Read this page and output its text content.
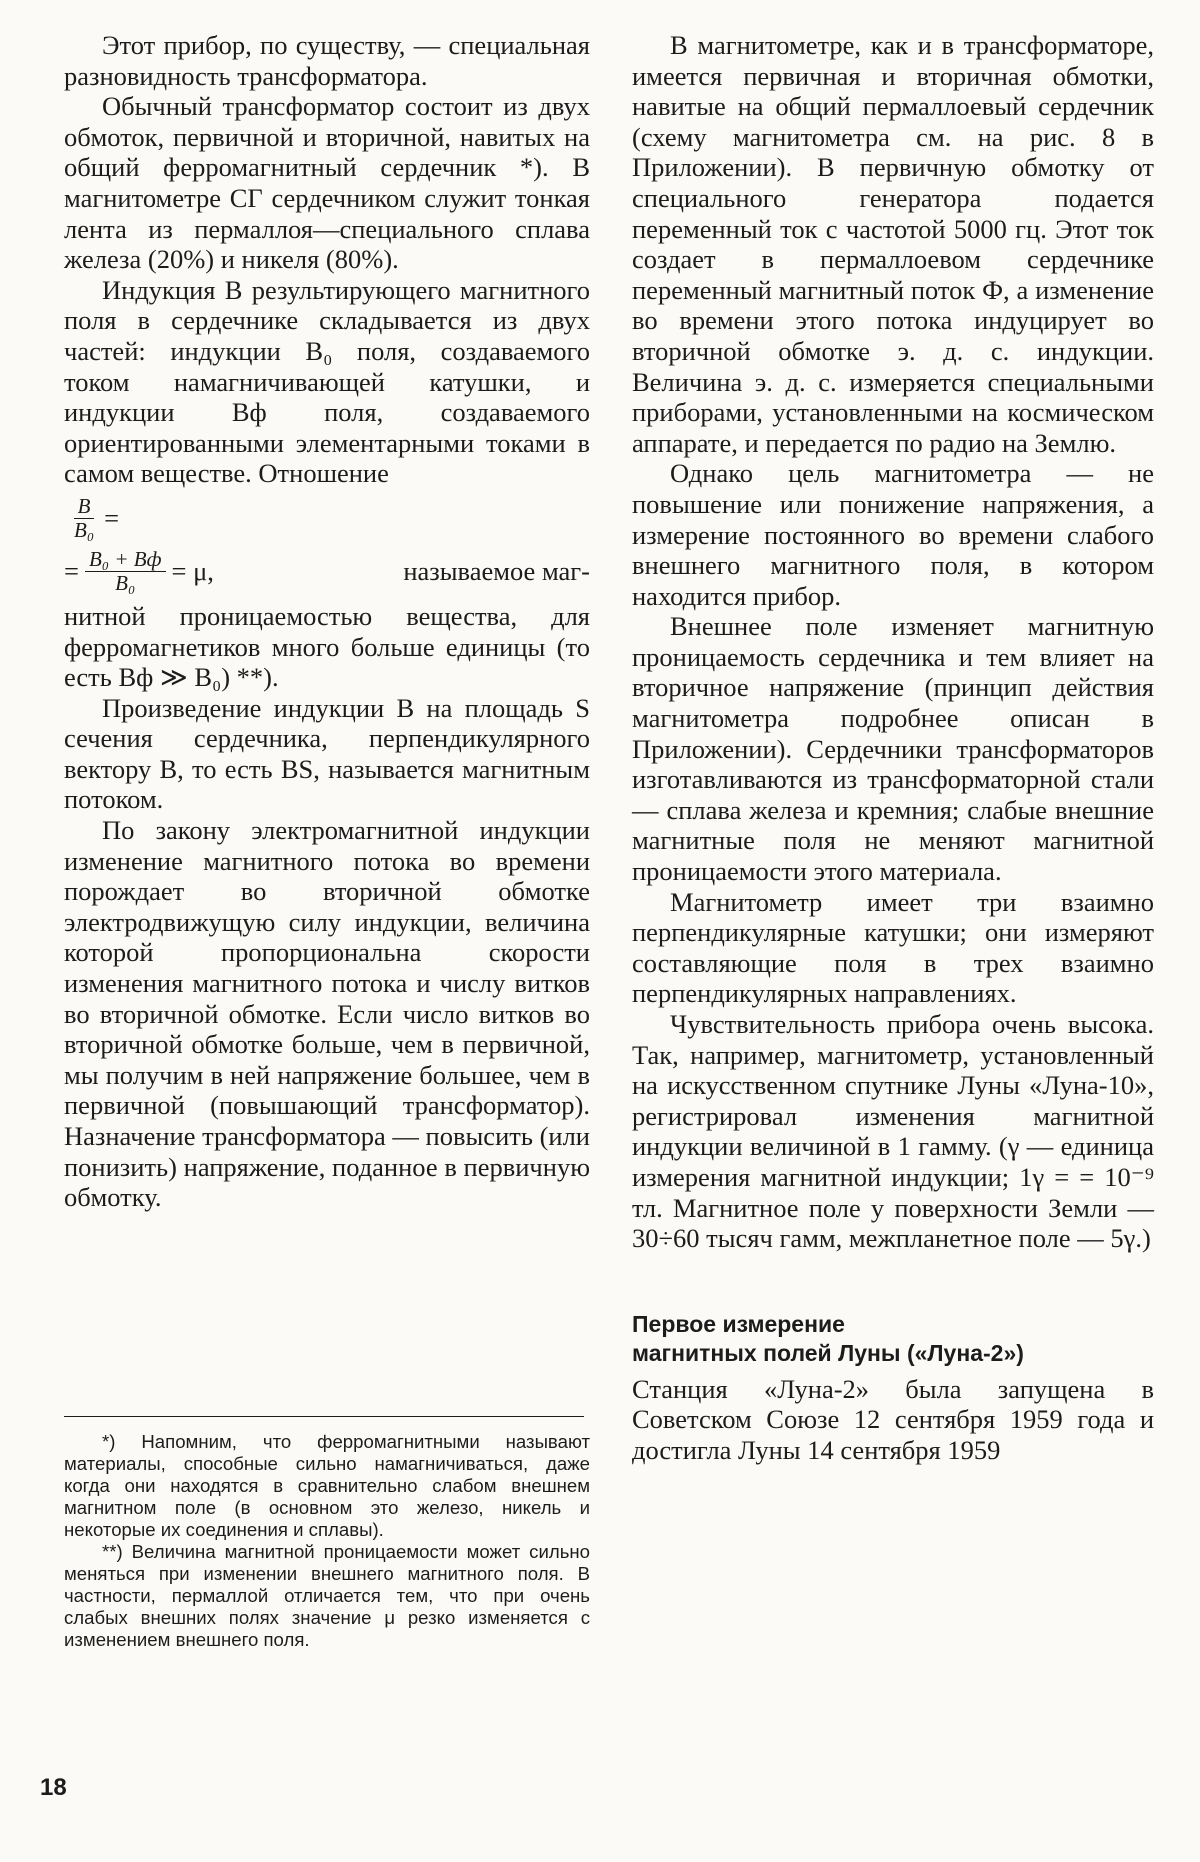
Этот прибор, по существу, — специальная разновидность трансформатора.

Обычный трансформатор состоит из двух обмоток, первичной и вторичной, навитых на общий ферромагнитный сердечник *). В магнитометре СГ сердечником служит тонкая лента из пермаллоя—специального сплава железа (20%) и никеля (80%).

Индукция B результирующего магнитного поля в сердечнике складывается из двух частей: индукции B₀ поля, создаваемого током намагничивающей катушки, и индукции Bф поля, создаваемого ориентированными элементарными токами в самом веществе. Отношение

$\frac{B}{\text{B₀}}$ =
= $\frac{\text{B₀ + Bф}}{\text{B₀}} = \mu$,	называемое маг-

нитной проницаемостью вещества, для ферромагнетиков много больше единицы (то есть Bф ≫ B₀) **).

Произведение индукции B на площадь S сечения сердечника, перпендикулярного вектору B, то есть BS, называется магнитным потоком.

По закону электромагнитной индукции изменение магнитного потока во времени порождает во вторичной обмотке электродвижущую силу индукции, величина которой пропорциональна скорости изменения магнитного потока и числу витков во вторичной обмотке. Если число витков во вторичной обмотке больше, чем в первичной, мы получим в ней напряжение большее, чем в первичной (повышающий трансформатор). Назначение трансформатора — повысить (или понизить) напряжение, поданное в первичную обмотку.

*) Напомним, что ферромагнитными называют материалы, способные сильно намагничиваться, даже когда они находятся в сравнительно слабом внешнем магнитном поле (в основном это железо, никель и некоторые их соединения и сплавы).

**) Величина магнитной проницаемости может сильно меняться при изменении внешнего магнитного поля. В частности, пермаллой отличается тем, что при очень слабых внешних полях значение μ резко изменяется с изменением внешнего поля.

В магнитометре, как и в трансформаторе, имеется первичная и вторичная обмотки, навитые на общий пермаллоевый сердечник (схему магнитометра см. на рис. 8 в Приложении). В первичную обмотку от специального генератора подается переменный ток с частотой 5000 гц. Этот ток создает в пермаллоевом сердечнике переменный магнитный поток Ф, а изменение во времени этого потока индуцирует во вторичной обмотке э. д. с. индукции. Величина э. д. с. измеряется специальными приборами, установленными на космическом аппарате, и передается по радио на Землю.

Однако цель магнитометра — не повышение или понижение напряжения, а измерение постоянного во времени слабого внешнего магнитного поля, в котором находится прибор.

Внешнее поле изменяет магнитную проницаемость сердечника и тем влияет на вторичное напряжение (принцип действия магнитометра подробнее описан в Приложении). Сердечники трансформаторов изготавливаются из трансформаторной стали — сплава железа и кремния; слабые внешние магнитные поля не меняют магнитной проницаемости этого материала.

Магнитометр имеет три взаимно перпендикулярные катушки; они измеряют составляющие поля в трех взаимно перпендикулярных направлениях.

Чувствительность прибора очень высока. Так, например, магнитометр, установленный на искусственном спутнике Луны «Луна-10», регистрировал изменения магнитной индукции величиной в 1 гамму. (γ — единица измерения магнитной индукции; 1γ = = 10⁻⁹ тл. Магнитное поле у поверхности Земли — 30÷60 тысяч гамм, межпланетное поле — 5γ.)

Первое измерение
магнитных полей Луны («Луна-2»)

Станция «Луна-2» была запущена в Советском Союзе 12 сентября 1959 года и достигла Луны 14 сентября 1959

18
